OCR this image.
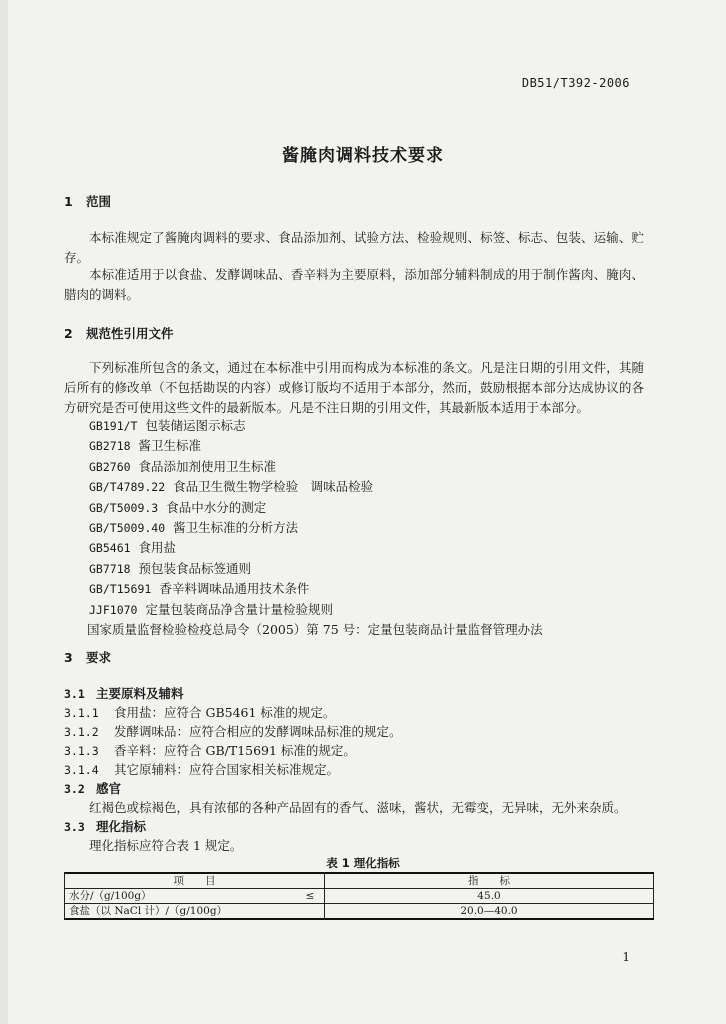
DB51/T392-2006
酱腌肉调料技术要求
1 范围
本标准规定了酱腌肉调料的要求、食品添加剂、试验方法、检验规则、标签、标志、包装、运输、贮存。
本标准适用于以食盐、发酵调味品、香辛料为主要原料，添加部分辅料制成的用于制作酱肉、腌肉、腊肉的调料。
2 规范性引用文件
下列标准所包含的条文，通过在本标准中引用而构成为本标准的条文。凡是注日期的引用文件，其随后所有的修改单（不包括勘误的内容）或修订版均不适用于本部分，然而，鼓励根据本部分达成协议的各方研究是否可使用这些文件的最新版本。凡是不注日期的引用文件，其最新版本适用于本部分。
GB191/T 包装储运图示标志
GB2718 酱卫生标准
GB2760 食品添加剂使用卫生标准
GB/T4789.22 食品卫生微生物学检验　调味品检验
GB/T5009.3 食品中水分的测定
GB/T5009.40 酱卫生标准的分析方法
GB5461 食用盐
GB7718 预包装食品标签通则
GB/T15691 香辛料调味品通用技术条件
JJF1070 定量包装商品净含量计量检验规则
国家质量监督检验检疫总局令（2005）第 75 号：定量包装商品计量监督管理办法
3 要求
3.1 主要原料及辅料
3.1.1 食用盐：应符合 GB5461 标准的规定。
3.1.2 发酵调味品：应符合相应的发酵调味品标准的规定。
3.1.3 香辛料：应符合 GB/T15691 标准的规定。
3.1.4 其它原辅料：应符合国家相关标准规定。
3.2 感官
红褐色或棕褐色，具有浓郁的各种产品固有的香气、滋味，酱状，无霉变，无异味，无外来杂质。
3.3 理化指标
理化指标应符合表 1 规定。
表 1 理化指标
项　　目		指　　标
水分/（g/100g）	≤	45.0
食盐（以 NaCl 计）/（g/100g）		20.0—40.0
1
